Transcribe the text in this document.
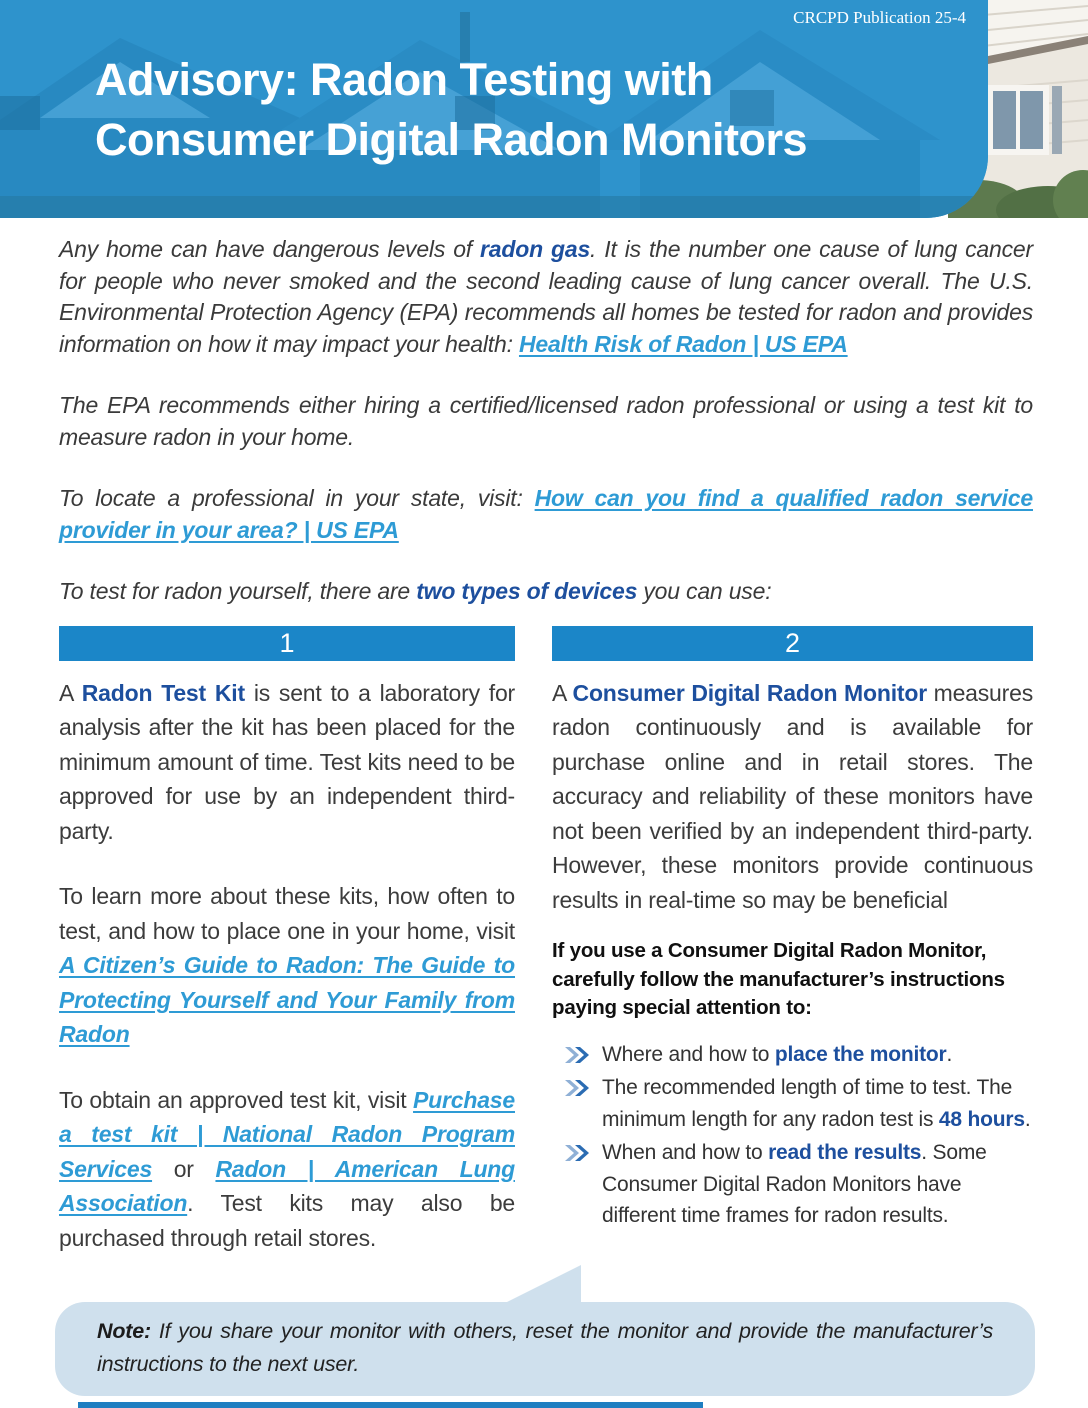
Advisory: Radon Testing with
Consumer Digital Radon Monitors
CRCPD Publication 25-4

Any home can have dangerous levels of radon gas. It is the number one cause of lung cancer for people who never smoked and the second leading cause of lung cancer overall. The U.S. Environmental Protection Agency (EPA) recommends all homes be tested for radon and provides information on how it may impact your health: Health Risk of Radon | US EPA

The EPA recommends either hiring a certified/licensed radon professional or using a test kit to measure radon in your home.

To locate a professional in your state, visit: How can you find a qualified radon service provider in your area? | US EPA

To test for radon yourself, there are two types of devices you can use:

1

A Radon Test Kit is sent to a laboratory for analysis after the kit has been placed for the minimum amount of time. Test kits need to be approved for use by an independent third-party.

To learn more about these kits, how often to test, and how to place one in your home, visit A Citizen’s Guide to Radon: The Guide to Protecting Yourself and Your Family from Radon

To obtain an approved test kit, visit Purchase a test kit | National Radon Program Services or Radon | American Lung Association. Test kits may also be purchased through retail stores.

2

A Consumer Digital Radon Monitor measures radon continuously and is available for purchase online and in retail stores. The accuracy and reliability of these monitors have not been verified by an independent third-party. However, these monitors provide continuous results in real-time so may be beneficial

If you use a Consumer Digital Radon Monitor, carefully follow the manufacturer’s instructions paying special attention to:
Where and how to place the monitor.
The recommended length of time to test. The minimum length for any radon test is 48 hours.
When and how to read the results. Some Consumer Digital Radon Monitors have different time frames for radon results.
Note: If you share your monitor with others, reset the monitor and provide the manufacturer’s instructions to the next user.
